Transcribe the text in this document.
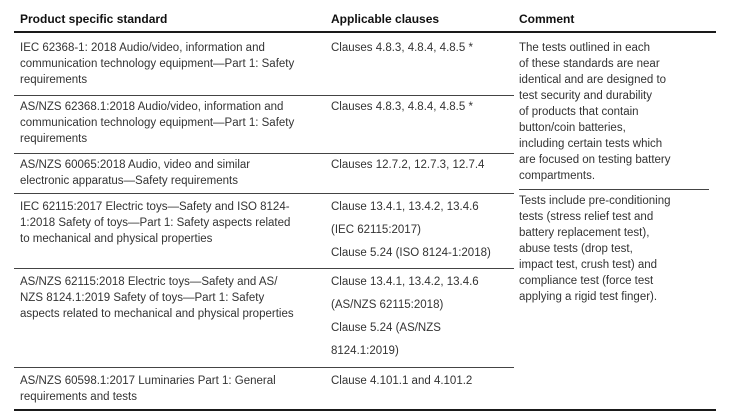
Product specific standard	Applicable clauses	Comment
IEC 62368-1: 2018 Audio/video, information and
communication technology equipment—Part 1: Safety
requirements
Clauses 4.8.3, 4.8.4, 4.8.5 *
AS/NZS 62368.1:2018 Audio/video, information and
communication technology equipment—Part 1: Safety
requirements
Clauses 4.8.3, 4.8.4, 4.8.5 *
AS/NZS 60065:2018 Audio, video and similar
electronic apparatus—Safety requirements
Clauses 12.7.2, 12.7.3, 12.7.4
IEC 62115:2017 Electric toys—Safety and ISO 8124-
1:2018 Safety of toys—Part 1: Safety aspects related
to mechanical and physical properties
Clause 13.4.1, 13.4.2, 13.4.6
(IEC 62115:2017)
Clause 5.24 (ISO 8124-1:2018)
AS/NZS 62115:2018 Electric toys—Safety and AS/
NZS 8124.1:2019 Safety of toys—Part 1: Safety
aspects related to mechanical and physical properties
Clause 13.4.1, 13.4.2, 13.4.6
(AS/NZS 62115:2018)
Clause 5.24 (AS/NZS
8124.1:2019)
AS/NZS 60598.1:2017 Luminaries Part 1: General
requirements and tests
Clause 4.101.1 and 4.101.2
The tests outlined in each
of these standards are near
identical and are designed to
test security and durability
of products that contain
button/coin batteries,
including certain tests which
are focused on testing battery
compartments.
Tests include pre-conditioning
tests (stress relief test and
battery replacement test),
abuse tests (drop test,
impact test, crush test) and
compliance test (force test
applying a rigid test finger).
